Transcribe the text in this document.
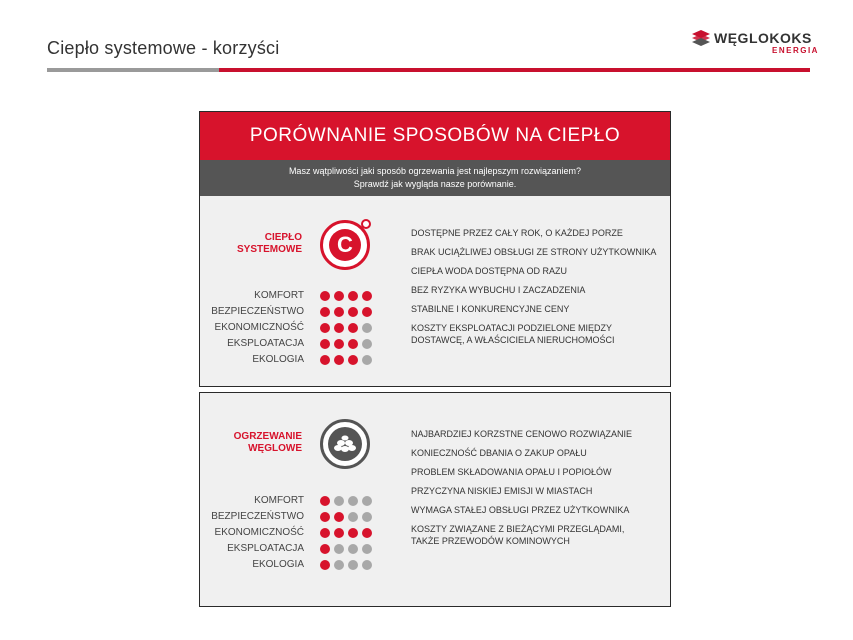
Ciepło systemowe - korzyści	WĘGLOKOKS
ENERGIA
PORÓWNANIE SPOSOBÓW NA CIEPŁO
Masz wątpliwości jaki sposób ogrzewania jest najlepszym rozwiązaniem?
Sprawdź jak wygląda nasze porównanie.
CIEPŁO
SYSTEMOWE	C
KOMFORT
BEZPIECZEŃSTWO
EKONOMICZNOŚĆ
EKSPLOATACJA
EKOLOGIA
DOSTĘPNE PRZEZ CAŁY ROK, O KAŻDEJ PORZE
BRAK UCIĄŻLIWEJ OBSŁUGI ZE STRONY UŻYTKOWNIKA
CIEPŁA WODA DOSTĘPNA OD RAZU
BEZ RYZYKA WYBUCHU I ZACZADZENIA
STABILNE I KONKURENCYJNE CENY
KOSZTY EKSPLOATACJI PODZIELONE MIĘDZY
DOSTAWCĘ, A WŁAŚCICIELA NIERUCHOMOŚCI
OGRZEWANIE
WĘGLOWE
KOMFORT
BEZPIECZEŃSTWO
EKONOMICZNOŚĆ
EKSPLOATACJA
EKOLOGIA
NAJBARDZIEJ KORZSTNE CENOWO ROZWIĄZANIE
KONIECZNOŚĆ DBANIA O ZAKUP OPAŁU
PROBLEM SKŁADOWANIA OPAŁU I POPIOŁÓW
PRZYCZYNA NISKIEJ EMISJI W MIASTACH
WYMAGA STAŁEJ OBSŁUGI PRZEZ UŻYTKOWNIKA
KOSZTY ZWIĄZANE Z BIEŻĄCYMI PRZEGLĄDAMI,
TAKŻE PRZEWODÓW KOMINOWYCH
